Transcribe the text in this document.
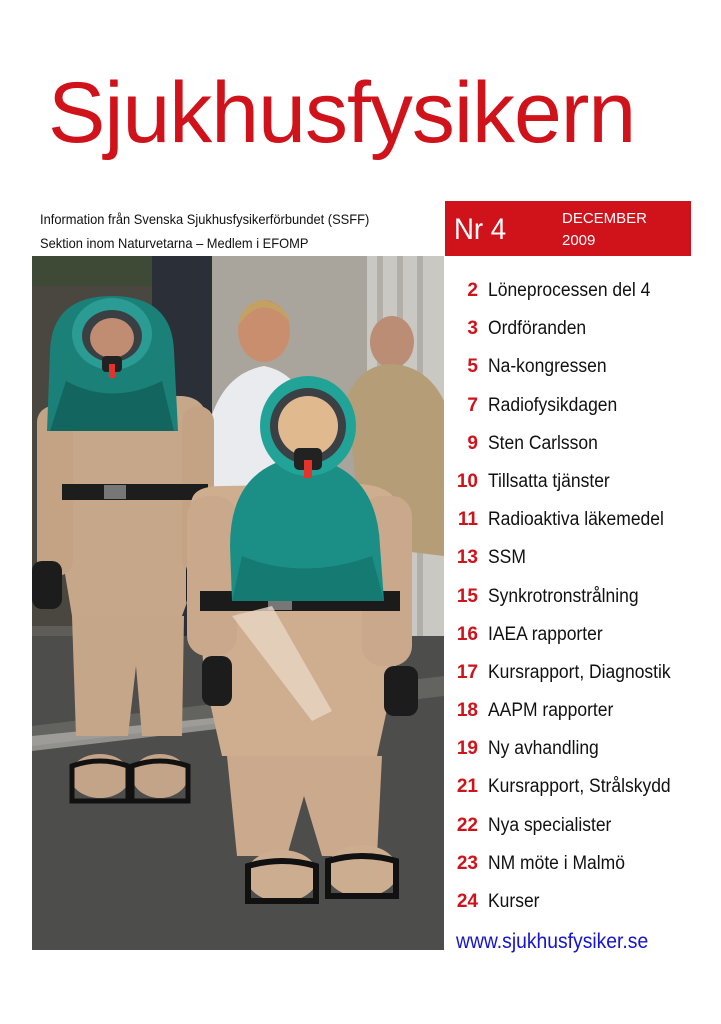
Sjukhusfysikern
Information från Svenska Sjukhusfysikerförbundet (SSFF)
Sektion inom Naturvetarna – Medlem i EFOMP	Nr 4	DECEMBER
2009
2 Löneprocessen del 4
3 Ordföranden
5 Na-kongressen
7 Radiofysikdagen
9 Sten Carlsson
10 Tillsatta tjänster
11 Radioaktiva läkemedel
13 SSM
15 Synkrotronstrålning
16 IAEA rapporter
17 Kursrapport, Diagnostik
18 AAPM rapporter
19 Ny avhandling
21 Kursrapport, Strålskydd
22 Nya specialister
23 NM möte i Malmö
24 Kurser
www.sjukhusfysiker.se
